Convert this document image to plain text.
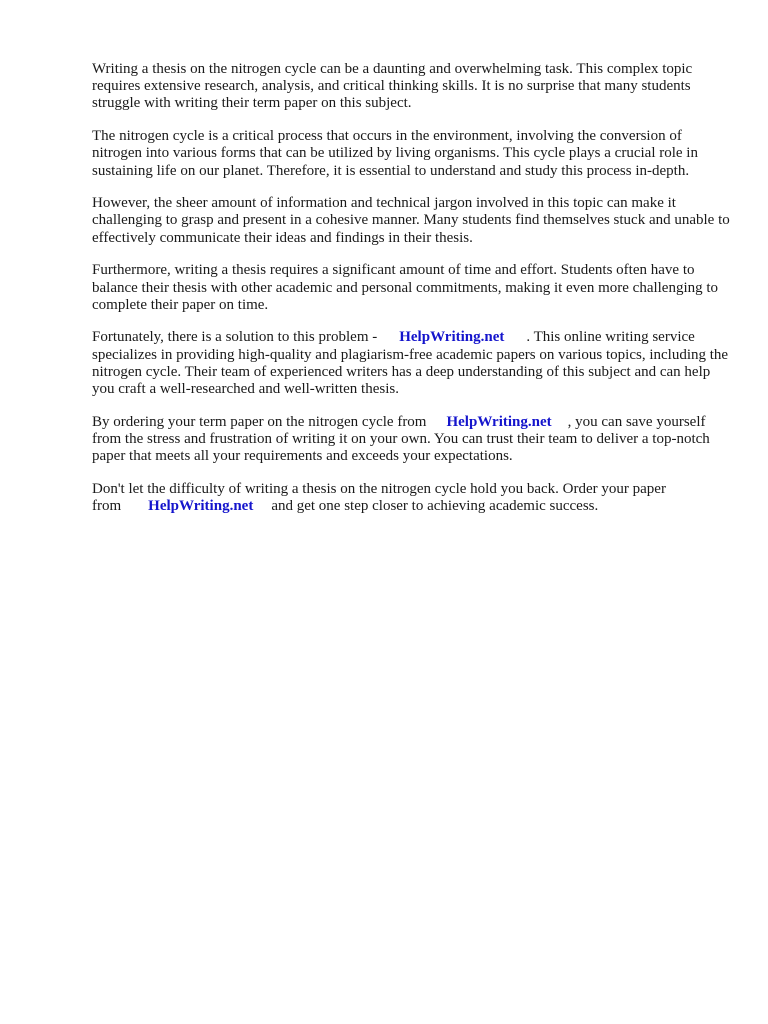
Writing a thesis on the nitrogen cycle can be a daunting and overwhelming task. This complex topic requires extensive research, analysis, and critical thinking skills. It is no surprise that many students struggle with writing their term paper on this subject.

The nitrogen cycle is a critical process that occurs in the environment, involving the conversion of nitrogen into various forms that can be utilized by living organisms. This cycle plays a crucial role in sustaining life on our planet. Therefore, it is essential to understand and study this process in-depth.

However, the sheer amount of information and technical jargon involved in this topic can make it challenging to grasp and present in a cohesive manner. Many students find themselves stuck and unable to effectively communicate their ideas and findings in their thesis.

Furthermore, writing a thesis requires a significant amount of time and effort. Students often have to balance their thesis with other academic and personal commitments, making it even more challenging to complete their paper on time.

Fortunately, there is a solution to this problem - HelpWriting.net . This online writing service specializes in providing high-quality and plagiarism-free academic papers on various topics, including the nitrogen cycle. Their team of experienced writers has a deep understanding of this subject and can help you craft a well-researched and well-written thesis.

By ordering your term paper on the nitrogen cycle from HelpWriting.net , you can save yourself from the stress and frustration of writing it on your own. You can trust their team to deliver a top-notch paper that meets all your requirements and exceeds your expectations.

Don't let the difficulty of writing a thesis on the nitrogen cycle hold you back. Order your paper from HelpWriting.net and get one step closer to achieving academic success.
